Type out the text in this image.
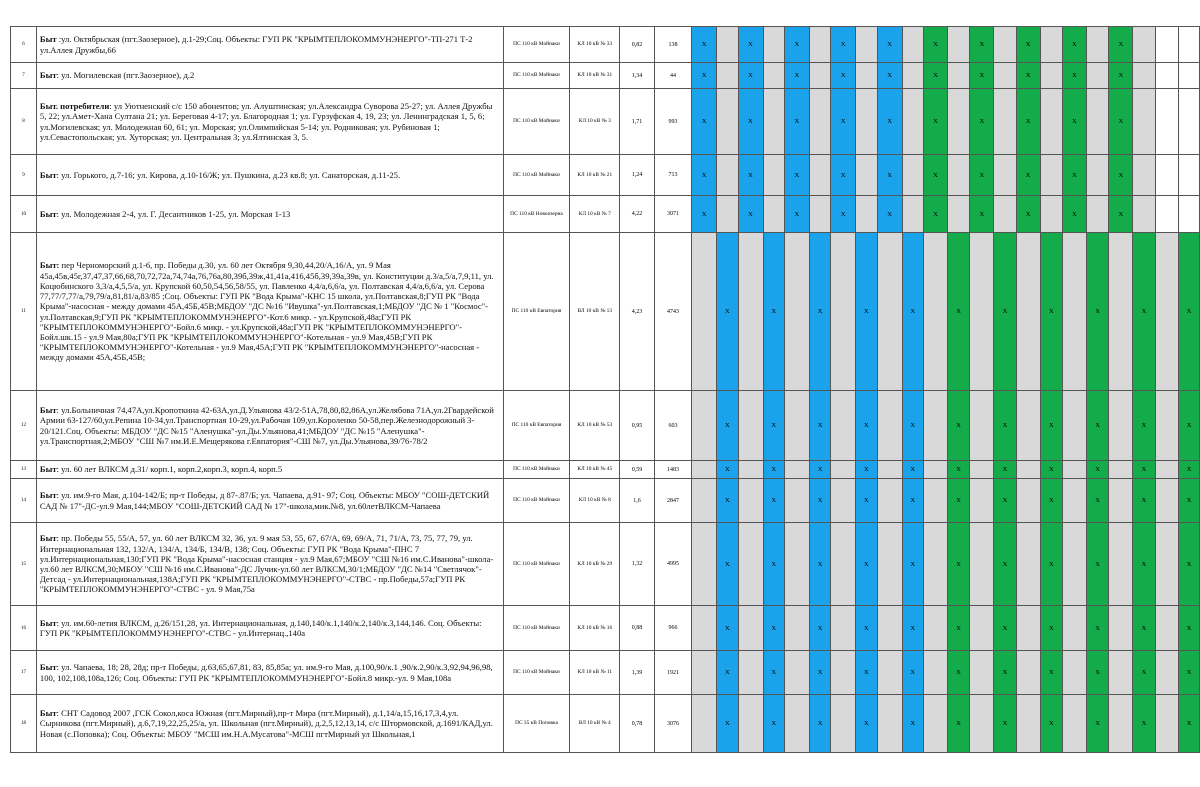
6	Быт :ул. Октябрьская (пгт.Заозерное), д.1-29;Соц. Объекты: ГУП РК "КРЫМТЕПЛОКОММУНЭНЕРГО"-ТП-271 Т-2 ул.Аллея Дружбы,66	ПС 110 кВ Мойнаки	КЛ 10 кВ № 33	0,82	138	X		X		X		X		X		X		X		X		X		X			
7	Быт: ул. Могилевская (пгт.Заозерное), д.2	ПС 110 кВ Мойнаки	КЛ 10 кВ № 31	1,34	44	X		X		X		X		X		X		X		X		X		X			
8	Быт. потребители: ул Уютненский с/с 150 абонентов; ул. Алуштинская; ул.Александра Суворова 25-27; ул. Аллея Дружбы 5, 22; ул.Амет-Хана Султана 21; ул. Береговая 4-17; ул. Благородная 1; ул. Гурзуфская 4, 19, 23; ул. Ленинградская 1, 5, 6; ул.Могилевская; ул. Молодежная 60, 61; ул. Морская; ул.Олимпийская 5-14; ул. Родниковая; ул. Рубиновая 1; ул.Севастопольская; ул. Хуторская; ул. Центральная 3; ул.Ялтинская 3, 5.	ПС 110 кВ Мойнаки	КЛ 10 кВ № 3	1,71	993	X		X		X		X		X		X		X		X		X		X			
9	Быт: ул. Горького, д.7-16; ул. Кирова, д.10-16/Ж; ул. Пушкина, д.23 кв.8; ул. Санаторская, д.11-25.	ПС 110 кВ Мойнаки	КЛ 10 кВ № 21	1,24	713	X		X		X		X		X		X		X		X		X		X			
10	Быт: ул. Молодежная 2-4, ул. Г. Десантников 1-25, ул. Морская 1-13	ПС 110 кВ Новоозерна	КЛ 10 кВ № 7	4,22	3071	X		X		X		X		X		X		X		X		X		X			
11	Быт: пер Черноморский д.1-6, пр. Победы д.30, ул. 60 лет Октября 9,30,44,20/А,16/А, ул. 9 Мая 45а,45в,45г,37,47,37,66,68,70,72,72а,74,74а,76,76а,80,39б,39ж,41,41а,416,45б,39,39а,39в, ул. Конституции д.3/а,5/а,7,9,11, ул. Коцюбинского 3,3/а,4,5,5/а, ул. Крупской 60,50,54,56,58/55, ул. Павленко 4,4/а,6,6/а, ул. Полтавская 4,4/а,6,6/а, ул. Серова 77,77/7,77/а,79,79/а,81,81/а,83/85 ;Соц. Объекты: ГУП РК "Вода Крыма"-КНС 15 школа, ул.Полтавская,8;ГУП РК "Вода Крыма"-насосная - между домами 45А,45Б,45В;МБДОУ "ДС №16 "Ивушка"-ул.Полтавская,1;МБДОУ "ДС № 1 "Космос"- ул.Полтавская,9;ГУП РК "КРЫМТЕПЛОКОММУНЭНЕРГО"-Кот.6 микр. - ул.Крупской,48а;ГУП РК "КРЫМТЕПЛОКОММУНЭНЕРГО"-Бойл.6 микр. - ул.Крупской,48а;ГУП РК "КРЫМТЕПЛОКОММУНЭНЕРГО"-Бойл.шк.15 - ул.9 Мая,80а;ГУП РК "КРЫМТЕПЛОКОММУНЭНЕРГО"-Котельная - ул.9 Мая,45В;ГУП РК "КРЫМТЕПЛОКОММУНЭНЕРГО"-Котельная - ул.9 Мая,45А;ГУП РК "КРЫМТЕПЛОКОММУНЭНЕРГО"-насосная - между домами 45А,45Б,45В;	ПС 110 кВ Евпатория	ВЛ 10 кВ № 13	4,23	4743		X		X		X		X		X		X		X		X		X		X		X
12	Быт: ул.Больничная 74,47А,ул.Кропоткина 42-63А,ул.Д.Ульянова 43/2-51А,78,80,82,86А,ул.Желябова 71А,ул.2Гвардейской Армии 63-127/60,ул.Репина 10-34,ул.Транспортная 10-29,ул.Рабочая 109,ул.Короленко 50-58,пер.Железнодорожный 3-20/121.Соц. Объекты: МБДОУ "ДС №15 "Аленушка"-ул.Ды.Ульянова,41;МБДОУ "ДС №15 "Аленушка"-ул.Транспортная,2;МБОУ "СШ №7 им.И.Е.Мещерякова г.Евпатория"-СШ №7, ул.Ды.Ульянова,39/76-78/2	ПС 110 кВ Евпатория	КЛ 10 кВ № 53	0,95	603		X		X		X		X		X		X		X		X		X		X		X
13	Быт: ул. 60 лет ВЛКСМ д.31/ корп.1, корп.2,корп.3, корп.4, корп.5	ПС 110 кВ Мойнаки	КЛ 10 кВ № 45	0,59	1483		X		X		X		X		X		X		X		X		X		X		X
14	Быт: ул. им.9-го Мая, д.104-142/Б; пр-т Победы, д 87-.87/Б; ул. Чапаева, д.91- 97; Соц. Объекты: МБОУ "СОШ-ДЕТСКИЙ САД № 17"-ДС-ул.9 Мая,144;МБОУ "СОШ-ДЕТСКИЙ САД № 17"-школа,мик.№8, ул.60летВЛКСМ-Чапаева	ПС 110 кВ Мойнаки	КЛ 10 кВ № 8	1,6	2847		X		X		X		X		X		X		X		X		X		X		X
15	Быт: пр. Победы 55, 55/А, 57, ул. 60 лет ВЛКСМ 32, 36, ул. 9 мая 53, 55, 67, 67/А, 69, 69/А, 71, 71/А, 73, 75, 77, 79, ул. Интернациональная 132, 132/А, 134/А, 134/Б, 134/В, 138; Соц. Объекты: ГУП РК "Вода Крыма"-ПНС 7 ул.Интернациональная,130;ГУП РК "Вода Крыма"-насосная станция - ул.9 Мая,67;МБОУ "СШ №16 им.С.Иванова"-школа-ул.60 лет ВЛКСМ,30;МБОУ "СШ №16 им.С.Иванова"-ДС Лучик-ул.60 лет ВЛКСМ,30/1;МБДОУ "ДС №14 "Светлячок"-Детсад - ул.Интернациональная,138А;ГУП РК "КРЫМТЕПЛОКОММУНЭНЕРГО"-СТВС - пр.Победы,57а;ГУП РК "КРЫМТЕПЛОКОММУНЭНЕРГО"-СТВС - ул. 9 Мая,75а	ПС 110 кВ Мойнаки	КЛ 10 кВ № 29	1,32	4995		X		X		X		X		X		X		X		X		X		X		X
16	Быт: ул. им.60-летия ВЛКСМ, д.26/151,28, ул. Интернациональная, д.140,140/к.1,140/к.2,140/к.3,144,146. Соц. Объекты: ГУП РК "КРЫМТЕПЛОКОММУНЭНЕРГО"-СТВС - ул.Интернац.,140а	ПС 110 кВ Мойнаки	КЛ 10 кВ № 16	0,88	966		X		X		X		X		X		X		X		X		X		X		X
17	Быт: ул. Чапаева, 18; 28, 28д; пр-т Победы, д.63,65,67,81, 83, 85,85а; ул. им.9-го Мая, д.100,90/к.1 ,90/к.2,90/к.3,92,94,96,98, 100, 102,108,108а,126; Соц. Объекты: ГУП РК "КРЫМТЕПЛОКОММУНЭНЕРГО"-Бойл.8 микр.-ул. 9 Мая,108а	ПС 110 кВ Мойнаки	КЛ 10 кВ № 11	1,39	1921		X		X		X		X		X		X		X		X		X		X		X
18	Быт: СНТ Садовод 2007 ,ГСК Сокол,коса Южная (пгт.Мирный),пр-т Мира (пгт.Мирный), д.1,14/а,15,16,17,3,4,ул. Сырникова (пгт.Мирный), д.6,7,19,22,25,25/а, ул. Школьная (пгт.Мирный), д.2,5,12,13,14, с/с Штормовской, д.1691/КАД,ул. Новая (с.Поповка); Соц. Объекты: МБОУ "МСШ им.Н.А.Мусатова"-МСШ пгтМирный ул Школьная,1	ПС 35 кВ Поповка	ВЛ 10 кВ № 4	0,78	3076		X		X		X		X		X		X		X		X		X		X		X
